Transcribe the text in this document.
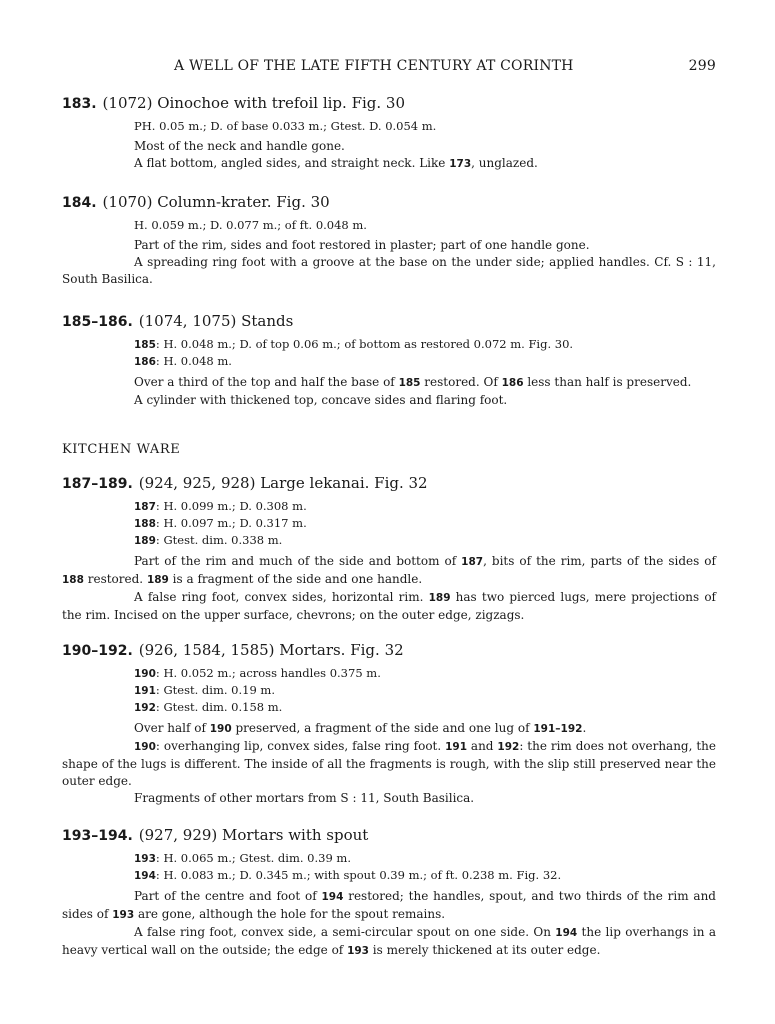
A WELL OF THE LATE FIFTH CENTURY AT CORINTH	299
183. (1072) Oinochoe with trefoil lip. Fig. 30
PH. 0.05 m.; D. of base 0.033 m.; Gtest. D. 0.054 m.

Most of the neck and handle gone.

A flat bottom, angled sides, and straight neck. Like 173, unglazed.

184. (1070) Column-krater. Fig. 30
H. 0.059 m.; D. 0.077 m.; of ft. 0.048 m.

Part of the rim, sides and foot restored in plaster; part of one handle gone.

A spreading ring foot with a groove at the base on the under side; applied handles. Cf. S : 11, South Basilica.

185–186. (1074, 1075) Stands
185: H. 0.048 m.; D. of top 0.06 m.; of bottom as restored 0.072 m. Fig. 30.
186: H. 0.048 m.

Over a third of the top and half the base of 185 restored. Of 186 less than half is preserved.

A cylinder with thickened top, concave sides and flaring foot.

KITCHEN WARE
187–189. (924, 925, 928) Large lekanai. Fig. 32
187: H. 0.099 m.; D. 0.308 m.
188: H. 0.097 m.; D. 0.317 m.
189: Gtest. dim. 0.338 m.

Part of the rim and much of the side and bottom of 187, bits of the rim, parts of the sides of 188 restored. 189 is a fragment of the side and one handle.

A false ring foot, convex sides, horizontal rim. 189 has two pierced lugs, mere projections of the rim. Incised on the upper surface, chevrons; on the outer edge, zigzags.

190–192. (926, 1584, 1585) Mortars. Fig. 32
190: H. 0.052 m.; across handles 0.375 m.
191: Gtest. dim. 0.19 m.
192: Gtest. dim. 0.158 m.

Over half of 190 preserved, a fragment of the side and one lug of 191–192.

190: overhanging lip, convex sides, false ring foot. 191 and 192: the rim does not overhang, the shape of the lugs is different. The inside of all the fragments is rough, with the slip still preserved near the outer edge.

Fragments of other mortars from S : 11, South Basilica.

193–194. (927, 929) Mortars with spout
193: H. 0.065 m.; Gtest. dim. 0.39 m.
194: H. 0.083 m.; D. 0.345 m.; with spout 0.39 m.; of ft. 0.238 m. Fig. 32.

Part of the centre and foot of 194 restored; the handles, spout, and two thirds of the rim and sides of 193 are gone, although the hole for the spout remains.

A false ring foot, convex side, a semi-circular spout on one side. On 194 the lip overhangs in a heavy vertical wall on the outside; the edge of 193 is merely thickened at its outer edge.
